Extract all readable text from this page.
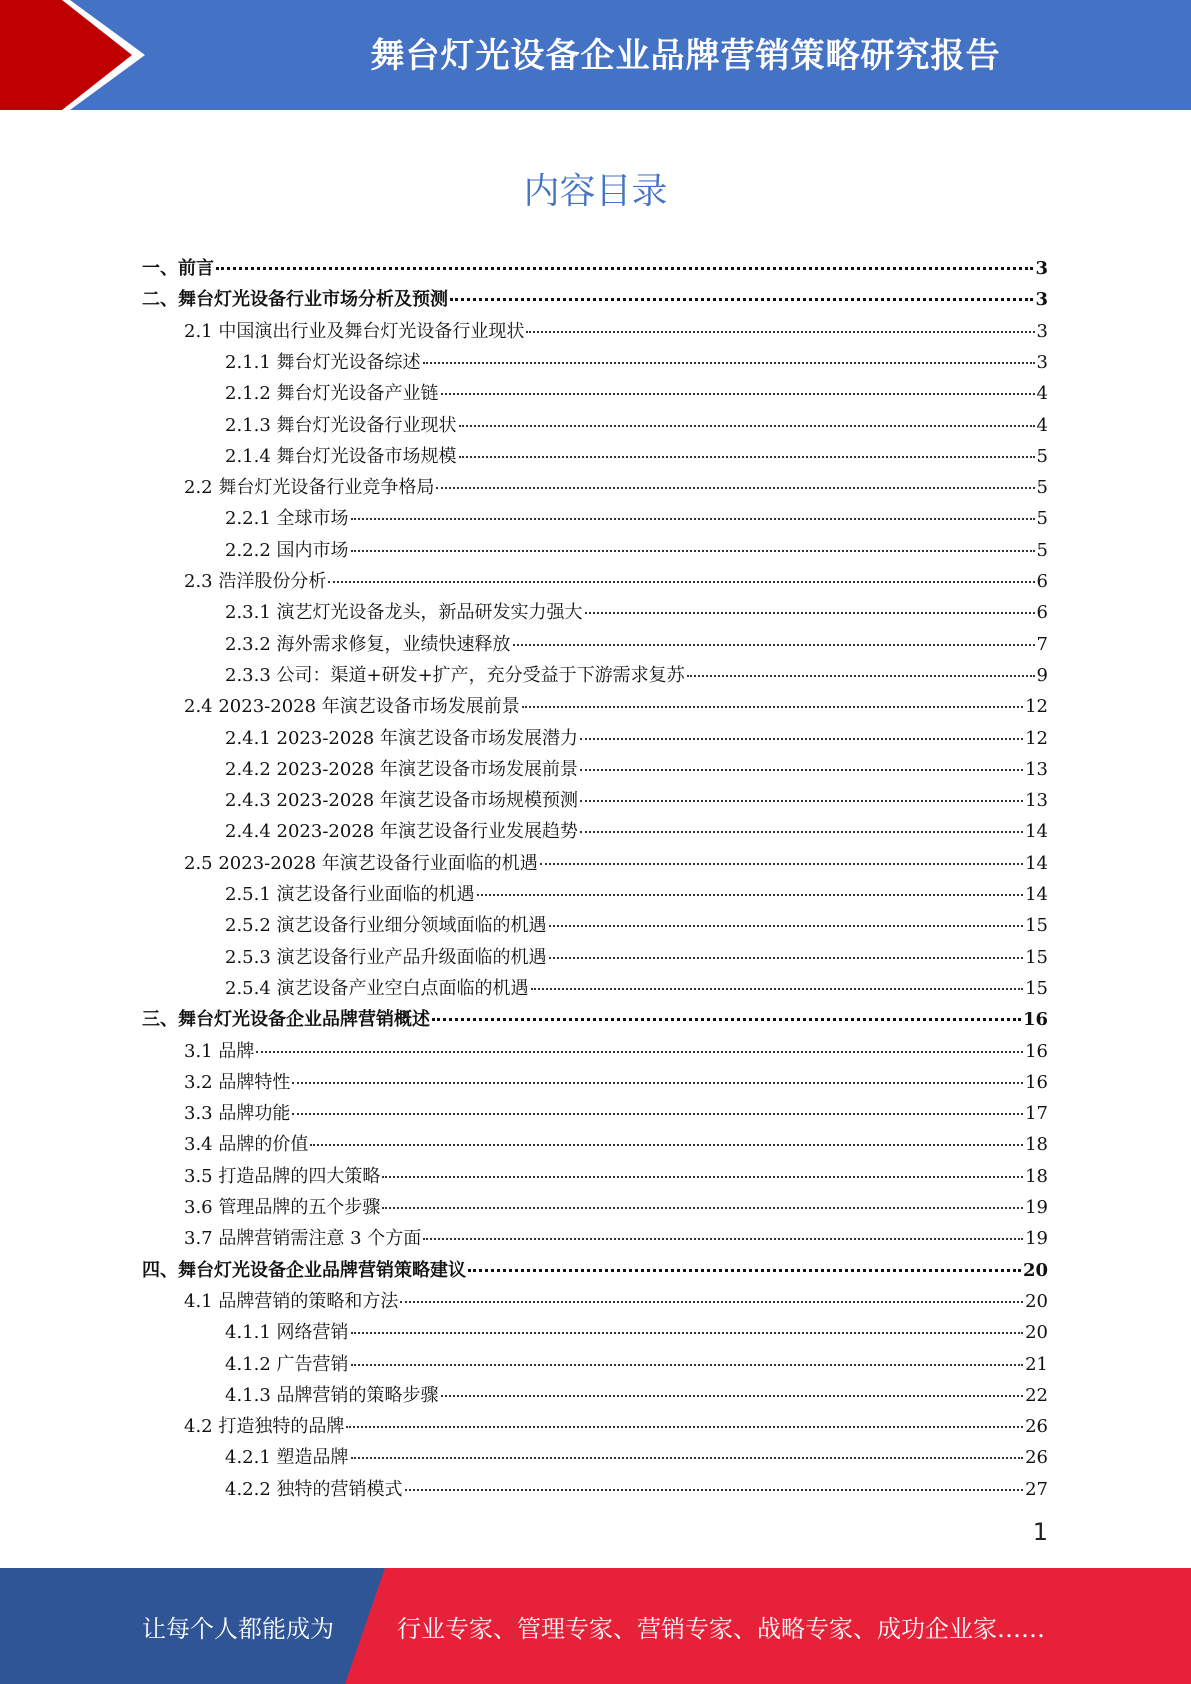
舞台灯光设备企业品牌营销策略研究报告
内容目录
一、前言	3
二、舞台灯光设备行业市场分析及预测	3
2.1 中国演出行业及舞台灯光设备行业现状	3
2.1.1 舞台灯光设备综述	3
2.1.2 舞台灯光设备产业链	4
2.1.3 舞台灯光设备行业现状	4
2.1.4 舞台灯光设备市场规模	5
2.2 舞台灯光设备行业竞争格局	5
2.2.1 全球市场	5
2.2.2 国内市场	5
2.3 浩洋股份分析	6
2.3.1 演艺灯光设备龙头，新品研发实力强大	6
2.3.2 海外需求修复，业绩快速释放	7
2.3.3 公司：渠道+研发+扩产，充分受益于下游需求复苏	9
2.4 2023-2028 年演艺设备市场发展前景	12
2.4.1 2023-2028 年演艺设备市场发展潜力	12
2.4.2 2023-2028 年演艺设备市场发展前景	13
2.4.3 2023-2028 年演艺设备市场规模预测	13
2.4.4 2023-2028 年演艺设备行业发展趋势	14
2.5 2023-2028 年演艺设备行业面临的机遇	14
2.5.1 演艺设备行业面临的机遇	14
2.5.2 演艺设备行业细分领域面临的机遇	15
2.5.3 演艺设备行业产品升级面临的机遇	15
2.5.4 演艺设备产业空白点面临的机遇	15
三、舞台灯光设备企业品牌营销概述	16
3.1 品牌	16
3.2 品牌特性	16
3.3 品牌功能	17
3.4 品牌的价值	18
3.5 打造品牌的四大策略	18
3.6 管理品牌的五个步骤	19
3.7 品牌营销需注意 3 个方面	19
四、舞台灯光设备企业品牌营销策略建议	20
4.1 品牌营销的策略和方法	20
4.1.1 网络营销	20
4.1.2 广告营销	21
4.1.3 品牌营销的策略步骤	22
4.2 打造独特的品牌	26
4.2.1 塑造品牌	26
4.2.2 独特的营销模式	27
1
让每个人都能成为	行业专家、管理专家、营销专家、战略专家、成功企业家……
